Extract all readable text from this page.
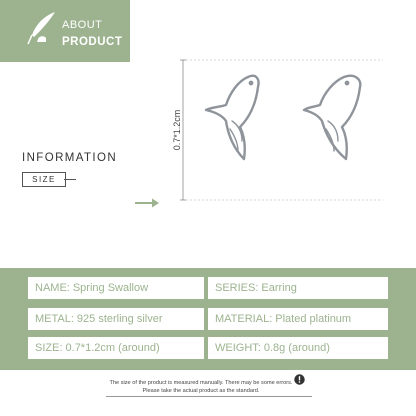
ABOUT
PRODUCT
INFORMATION
SIZE
0.7*1.2cm
NAME: Spring Swallow	SERIES: Earring
METAL: 925 sterling silver	MATERIAL: Plated platinum
SIZE: 0.7*1.2cm (around)	WEIGHT: 0.8g (around)
The size of the product is measured manually. There may be some errors.
Please take the actual product as the standard.
